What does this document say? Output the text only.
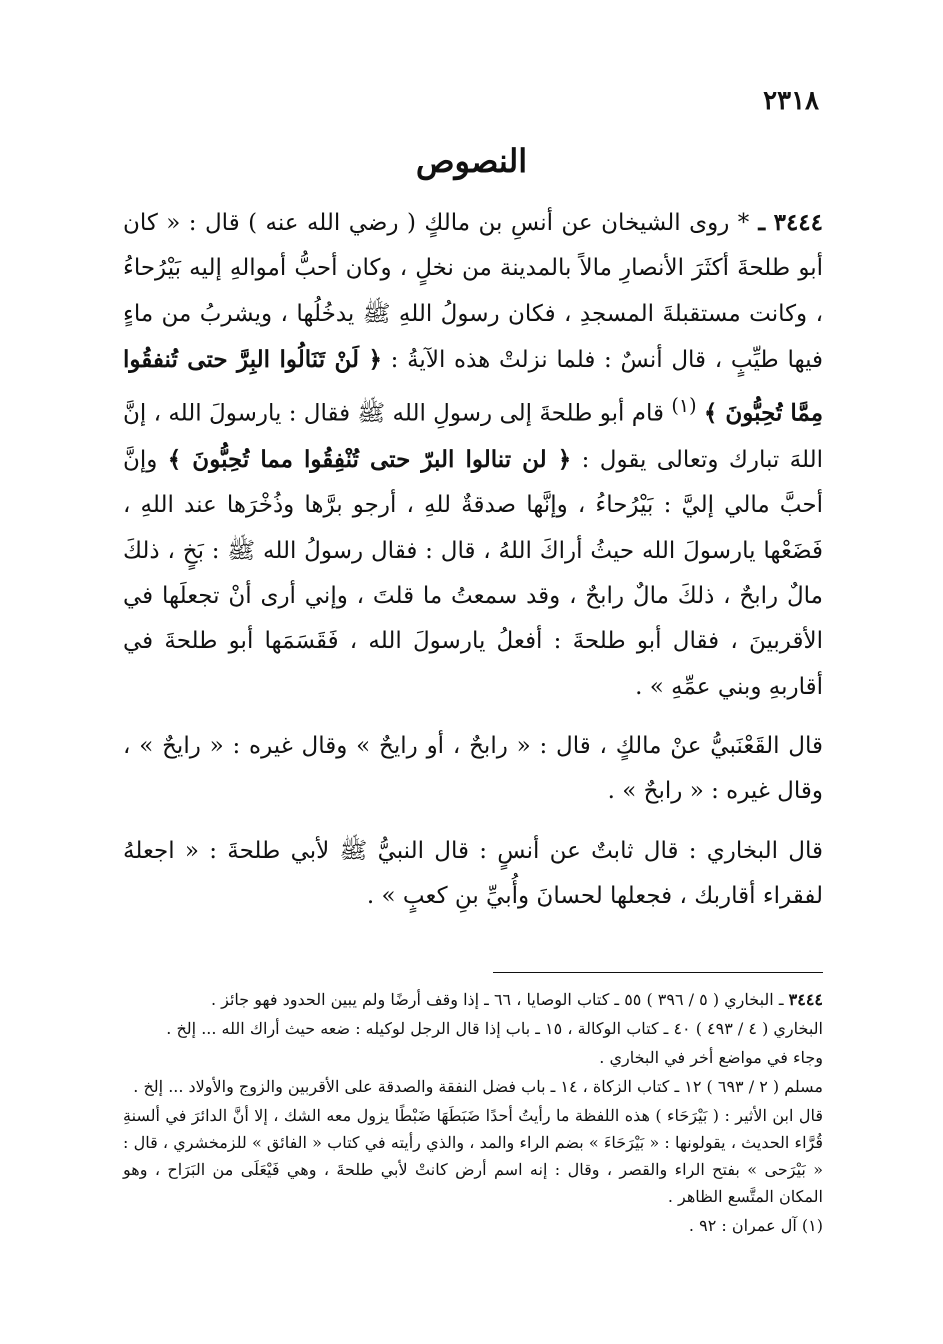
٢٣١٨
النصوص

٣٤٤٤ ـ * روى الشيخان عن أنسِ بن مالكٍ ( رضي الله عنه ) قال : « كان أبو طلحةَ أكثَرَ الأنصارِ مالاً بالمدينة من نخلٍ ، وكان أحبُّ أموالهِ إليه بَيْرُحاءُ ، وكانت مستقبلةَ المسجدِ ، فكان رسولُ اللهِ ﷺ يدخُلُها ، ويشربُ من ماءٍ فيها طيِّبٍ ، قال أنسٌ : فلما نزلتْ هذه الآيةُ : ﴿ لَنْ تَنَالُوا البِرَّ حتى تُنفقُوا مِمَّا تُحِبُّونَ ﴾ $^{(١)}$ قام أبو طلحةَ إلى رسولِ الله ﷺ فقال : يارسولَ الله ، إنَّ اللهَ تبارك وتعالى يقول : ﴿ لن تنالوا البرّ حتى تُنْفِقُوا مما تُحِبُّونَ ﴾ وإنَّ أحبَّ مالي إليَّ : بَيْرُحاءُ ، وإنَّها صدقةٌ للهِ ، أرجو برَّها وذُخْرَها عند اللهِ ، فَضَعْها يارسولَ الله حيثُ أراكَ اللهُ ، قال : فقال رسولُ الله ﷺ : بَخٍ ، ذلكَ مالٌ رابحٌ ، ذلكَ مالٌ رابحٌ ، وقد سمعتُ ما قلتَ ، وإني أرى أنْ تجعلَها في الأقربينَ ، فقال أبو طلحةَ : أفعلُ يارسولَ الله ، فَقَسَمَها أبو طلحةَ في أقاربهِ وبني عمِّهِ » .

قال القَعْنَبيُّ عنْ مالكٍ ، قال : « رابحٌ ، أو رايحٌ » وقال غيره : « رايحٌ » ، وقال غيره : « رابحٌ » .

قال البخاري : قال ثابتٌ عن أنسٍ : قال النبيُّ ﷺ لأبي طلحةَ : « اجعلهُ لفقراء أقاربك ، فجعلها لحسانَ وأُبيِّ بنِ كعبٍ » .

٣٤٤٤ ـ البخاري ( ٥ / ٣٩٦ ) ٥٥ ـ كتاب الوصايا ، ٦٦ ـ إذا وقف أرضًا ولم يبين الحدود فهو جائز .

البخاري ( ٤ / ٤٩٣ ) ٤٠ ـ كتاب الوكالة ، ١٥ ـ باب إذا قال الرجل لوكيله : ضعه حيث أراك الله ... إلخ .

وجاء في مواضع أخر في البخاري .

مسلم ( ٢ / ٦٩٣ ) ١٢ ـ كتاب الزكاة ، ١٤ ـ باب فضل النفقة والصدقة على الأقربين والزوج والأولاد ... إلخ .

قال ابن الأثير : ( بَيْرَحَاء ) هذه اللفظة ما رأيتُ أحدًا ضَبَطَهَا ضَبْطًا يزول معه الشك ، إلا أنَّ الدائرَ في ألسنةِ قُرَّاء الحديث ، يقولونها : « بَيْرَحَاءَ » بضم الراء والمد ، والذي رأيته في كتاب « الفائق » للزمخشري ، قال : « بَيْرَحى » بفتح الراء والقصر ، وقال : إنه اسم أرض كانتْ لأبي طلحةَ ، وهي فَيْعَلَى من البَرَاح ، وهو المكان المتَّسع الظاهر .

(١) آل عمران : ٩٢ .
